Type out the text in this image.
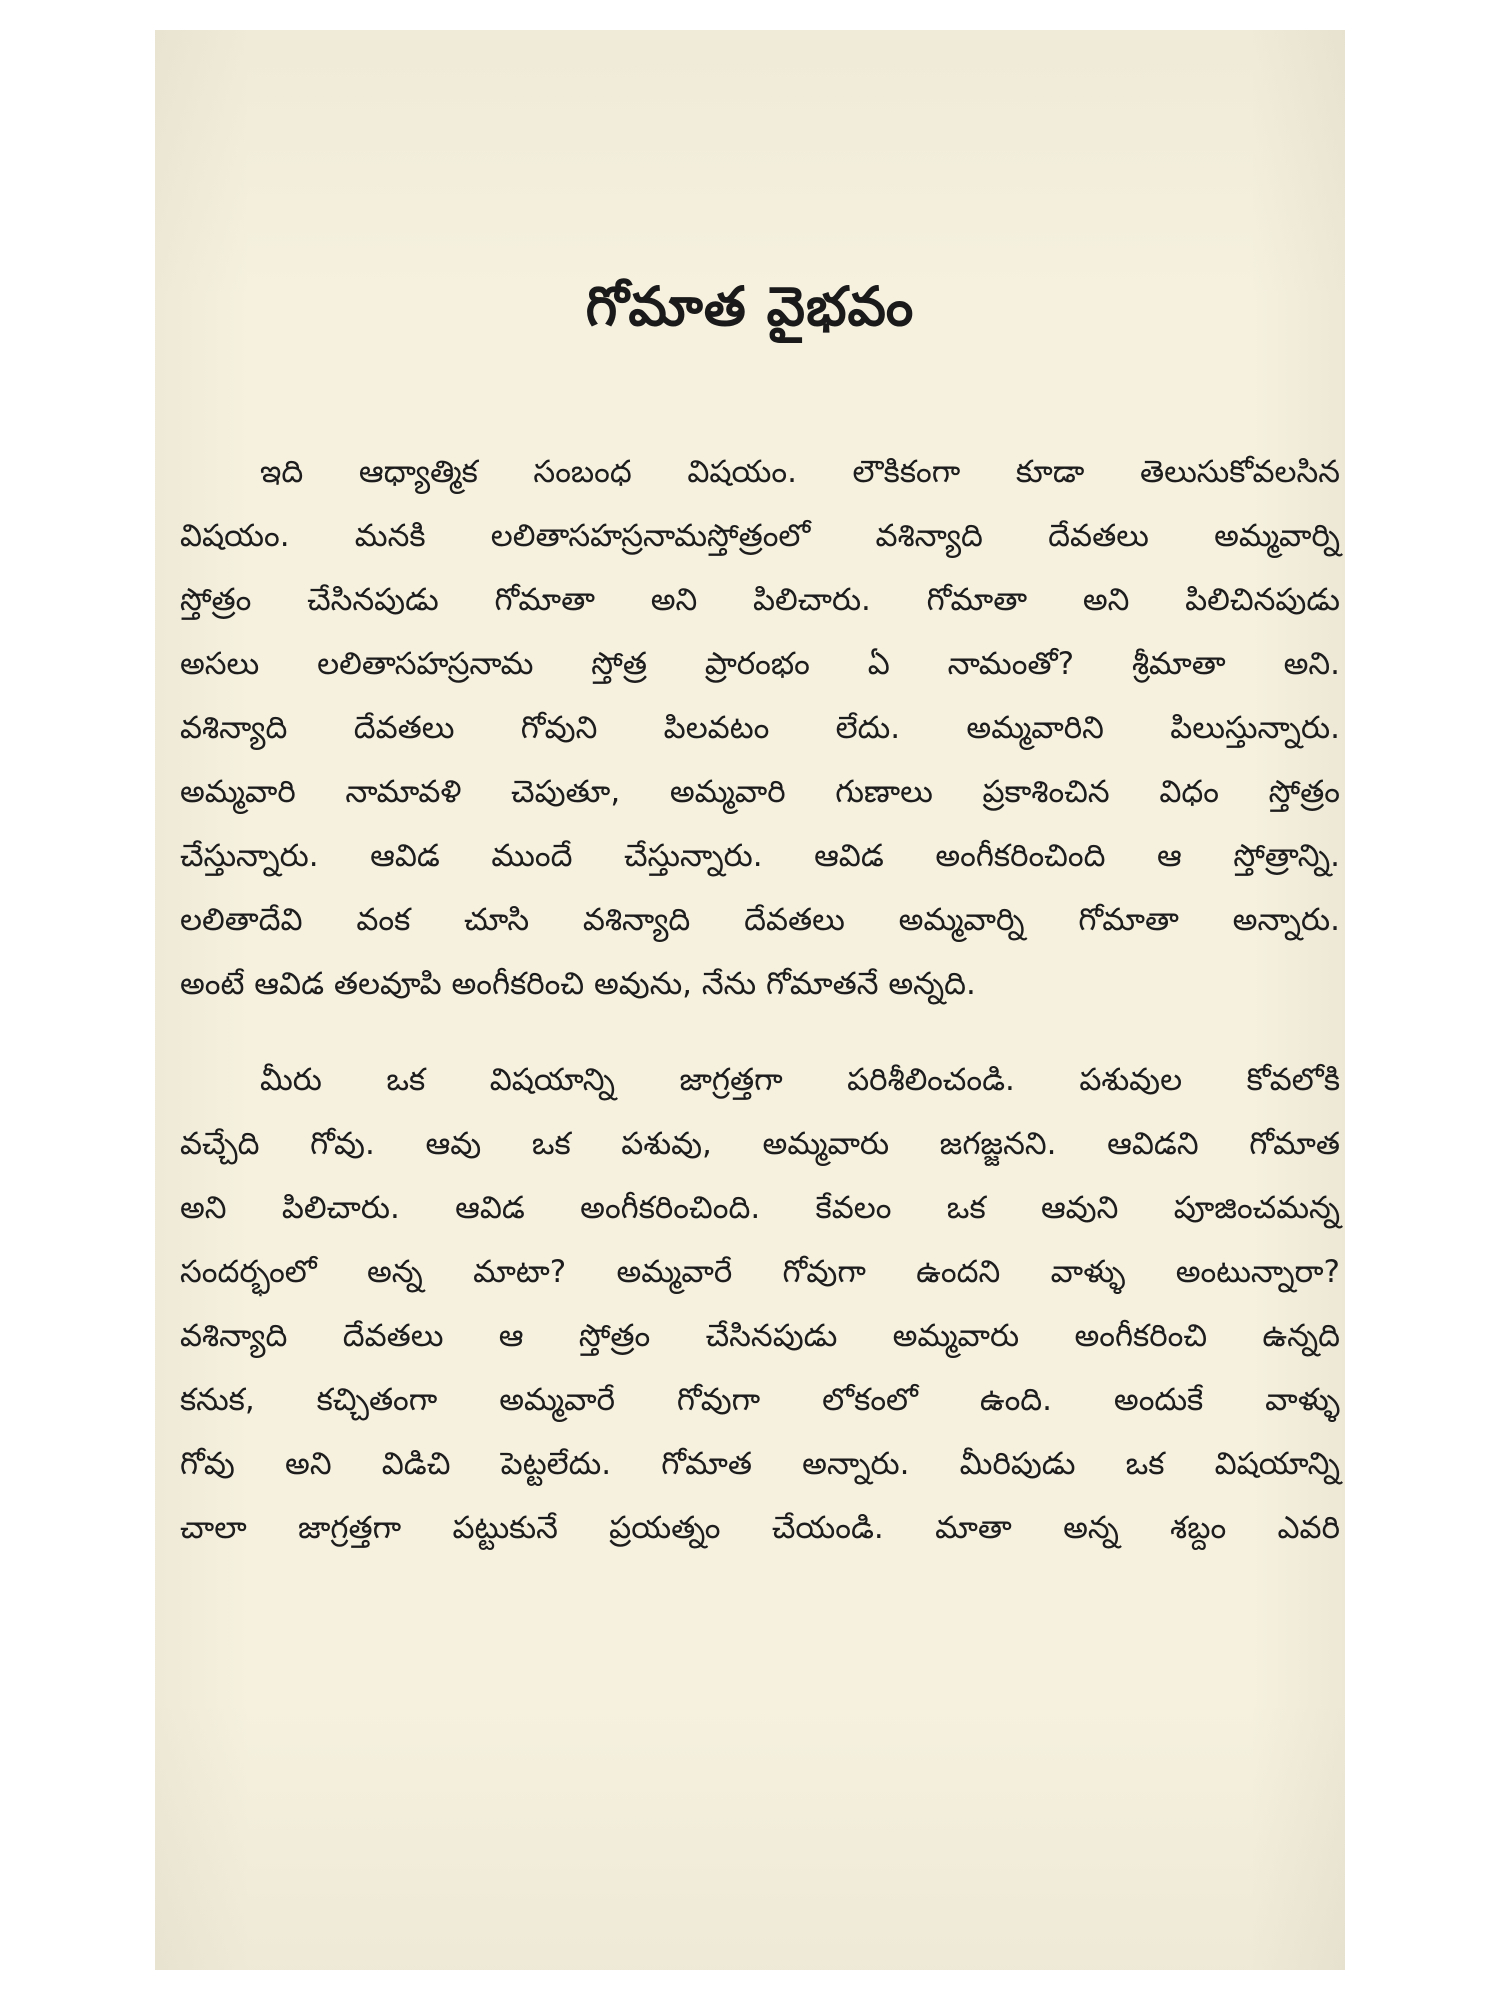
గోమాత వైభవం
ఇది ఆధ్యాత్మిక సంబంధ విషయం. లౌకికంగా కూడా తెలుసుకోవలసిన
విషయం. మనకి లలితాసహస్రనామస్తోత్రంలో వశిన్యాది దేవతలు అమ్మవార్ని
స్తోత్రం చేసినపుడు గోమాతా అని పిలిచారు. గోమాతా అని పిలిచినపుడు
అసలు లలితాసహస్రనామ స్తోత్ర ప్రారంభం ఏ నామంతో? శ్రీమాతా అని.
వశిన్యాది దేవతలు గోవుని పిలవటం లేదు. అమ్మవారిని పిలుస్తున్నారు.
అమ్మవారి నామావళి చెపుతూ, అమ్మవారి గుణాలు ప్రకాశించిన విధం స్తోత్రం
చేస్తున్నారు. ఆవిడ ముందే చేస్తున్నారు. ఆవిడ అంగీకరించింది ఆ స్తోత్రాన్ని.
లలితాదేవి వంక చూసి వశిన్యాది దేవతలు అమ్మవార్ని గోమాతా అన్నారు.
అంటే ఆవిడ తలవూపి అంగీకరించి అవును, నేను గోమాతనే అన్నది.
మీరు ఒక విషయాన్ని జాగ్రత్తగా పరిశీలించండి. పశువుల కోవలోకి
వచ్చేది గోవు. ఆవు ఒక పశువు, అమ్మవారు జగజ్జనని. ఆవిడని గోమాత
అని పిలిచారు. ఆవిడ అంగీకరించింది. కేవలం ఒక ఆవుని పూజించమన్న
సందర్భంలో అన్న మాటా? అమ్మవారే గోవుగా ఉందని వాళ్ళు అంటున్నారా?
వశిన్యాది దేవతలు ఆ స్తోత్రం చేసినపుడు అమ్మవారు అంగీకరించి ఉన్నది
కనుక, కచ్చితంగా అమ్మవారే గోవుగా లోకంలో ఉంది. అందుకే వాళ్ళు
గోవు అని విడిచి పెట్టలేదు. గోమాత అన్నారు. మీరిపుడు ఒక విషయాన్ని
చాలా జాగ్రత్తగా పట్టుకునే ప్రయత్నం చేయండి. మాతా అన్న శబ్దం ఎవరి
